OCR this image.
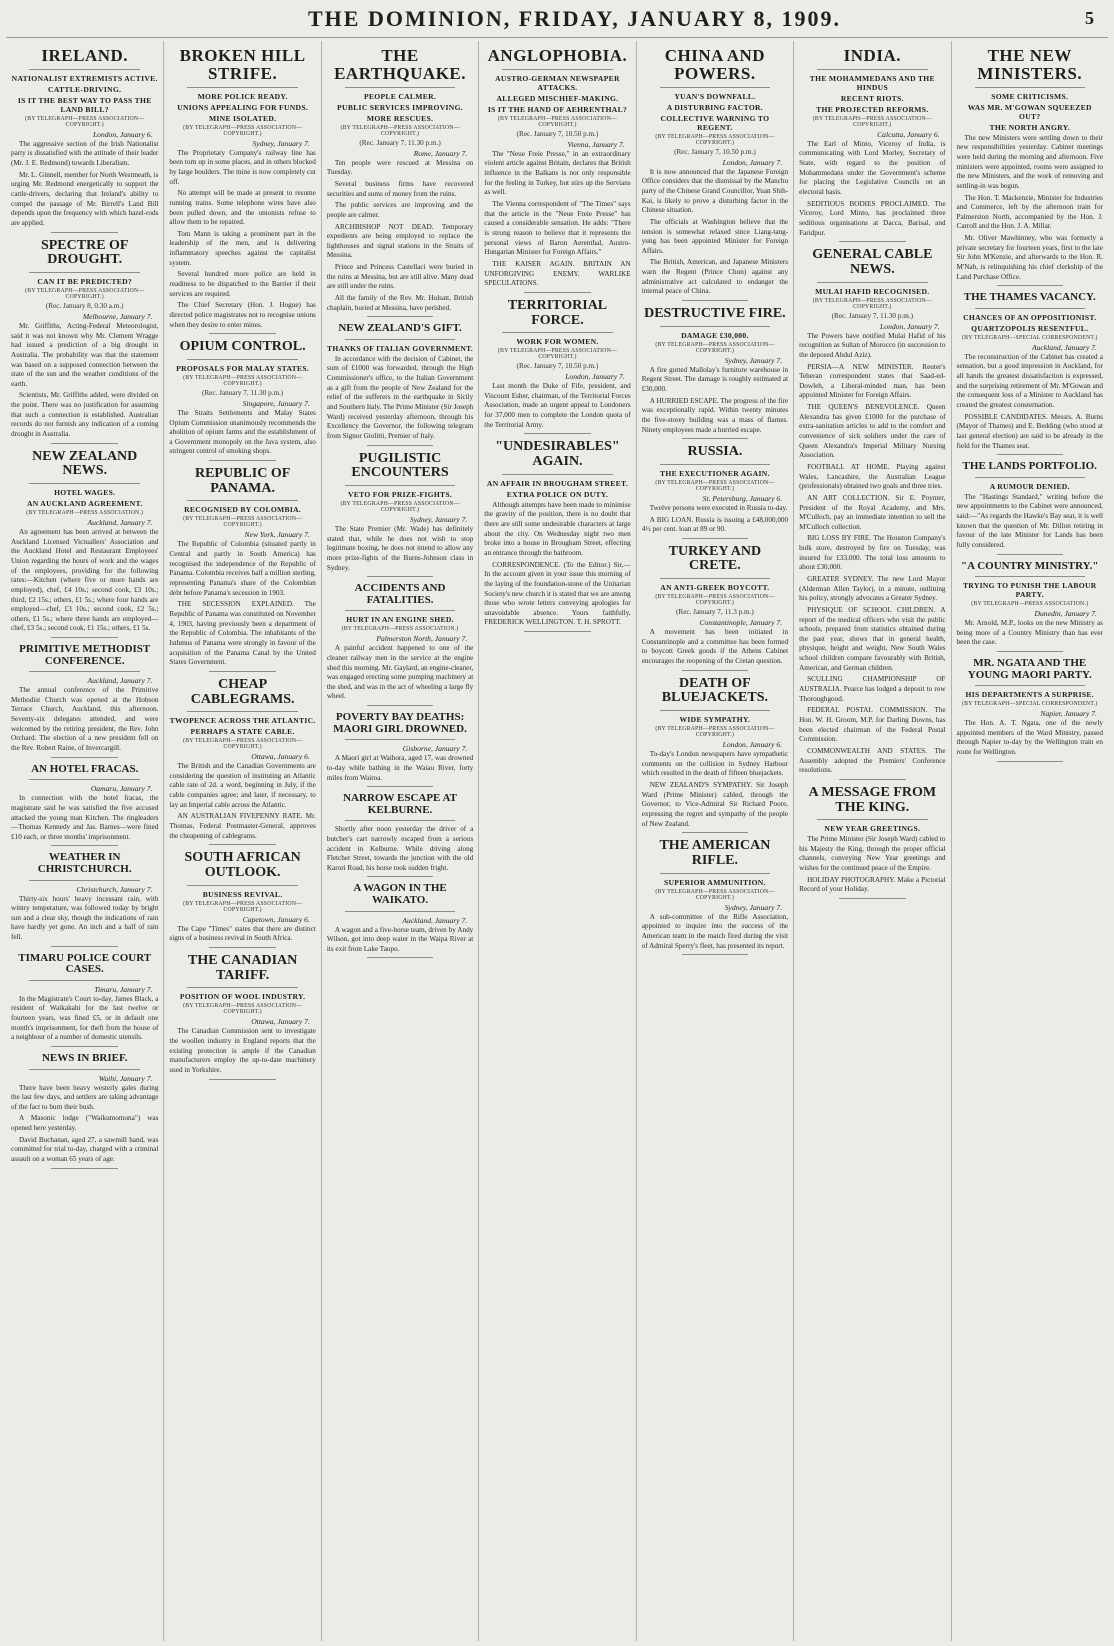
THE DOMINION, FRIDAY, JANUARY 8, 1909.	5
IRELAND.
NATIONALIST EXTREMISTS ACTIVE.
CATTLE-DRIVING.
IS IT THE BEST WAY TO PASS THE LAND BILL?
(BY TELEGRAPH—PRESS ASSOCIATION—COPYRIGHT.)
London, January 6.

The aggressive section of the Irish Nationalist party is dissatisfied with the attitude of their leader (Mr. J. E. Redmond) towards Liberalism.

Mr. L. Ginnell, member for North Westmeath, is urging Mr. Redmond energetically to support the cattle-drivers, declaring that Ireland's ability to compel the passage of Mr. Birrell's Land Bill depends upon the frequency with which hazel-rods are applied.

SPECTRE OF DROUGHT.
CAN IT BE PREDICTED?
(BY TELEGRAPH—PRESS ASSOCIATION—COPYRIGHT.)
(Rec. January 8, 0.30 a.m.)
Melbourne, January 7.

Mr. Griffiths, Acting-Federal Meteorologist, said it was not known why Mr. Clement Wragge had issued a prediction of a big drought in Australia. The probability was that the statement was based on a supposed connection between the state of the sun and the weather conditions of the earth.

Scientists, Mr. Griffiths added, were divided on the point. There was no justification for assuming that such a connection is established. Australian records do not furnish any indication of a coming drought in Australia.

NEW ZEALAND NEWS.
HOTEL WAGES.
AN AUCKLAND AGREEMENT.
(BY TELEGRAPH—PRESS ASSOCIATION.)
Auckland, January 7.

An agreement has been arrived at between the Auckland Licensed Victuallers' Association and the Auckland Hotel and Restaurant Employees' Union regarding the hours of work and the wages of the employees, providing for the following rates:—Kitchen (where five or more hands are employed), chef, £4 10s.; second cook, £3 10s.; third, £2 15s.; others, £1 5s.; where four hands are employed—chef, £3 10s.; second cook, £2 5s.; others, £1 5s.; where three hands are employed—chef, £3 5s.; second cook, £1 15s.; others, £1 5s.

PRIMITIVE METHODIST CONFERENCE.
Auckland, January 7.

The annual conference of the Primitive Methodist Church was opened at the Hobson Terrace Church, Auckland, this afternoon. Seventy-six delegates attended, and were welcomed by the retiring president, the Rev. John Orchard. The election of a new president fell on the Rev. Robert Raine, of Invercargill.

AN HOTEL FRACAS.
Oamaru, January 7.

In connection with the hotel fracas, the magistrate said he was satisfied the five accused attacked the young man Kitchen. The ringleaders—Thomas Kennedy and Jas. Barnes—were fined £10 each, or three months' imprisonment.

WEATHER IN CHRISTCHURCH.
Christchurch, January 7.

Thirty-six hours' heavy incessant rain, with wintry temperature, was followed today by bright sun and a clear sky, though the indications of rain have hardly yet gone. An inch and a half of rain fell.

TIMARU POLICE COURT CASES.
Timaru, January 7.

In the Magistrate's Court to-day, James Black, a resident of Waikakahi for the last twelve or fourteen years, was fined £5, or in default one month's imprisonment, for theft from the house of a neighbour of a number of domestic utensils.

NEWS IN BRIEF.
Waihi, January 7.

There have been heavy westerly gales during the last few days, and settlers are taking advantage of the fact to burn their bush.

A Masonic lodge ("Waikumomona") was opened here yesterday.

David Buchanan, aged 27, a sawmill hand, was committed for trial to-day, charged with a criminal assault on a woman 65 years of age.

BROKEN HILL STRIFE.
MORE POLICE READY.
UNIONS APPEALING FOR FUNDS.
MINE ISOLATED.
(BY TELEGRAPH—PRESS ASSOCIATION—COPYRIGHT.)
Sydney, January 7.

The Proprietary Company's railway line has been torn up in some places, and in others blocked by large boulders. The mine is now completely cut off.

No attempt will be made at present to resume running trains. Some telephone wires have also been pulled down, and the unionists refuse to allow them to be repaired.

Tom Mann is taking a prominent part in the leadership of the men, and is delivering inflammatory speeches against the capitalist system.

Several hundred more police are held in readiness to be dispatched to the Barrier if their services are required.

The Chief Secretary (Hon. J. Hogue) has directed police magistrates not to recognise unions when they desire to enter mines.

OPIUM CONTROL.
PROPOSALS FOR MALAY STATES.
(BY TELEGRAPH—PRESS ASSOCIATION—COPYRIGHT.)
(Rec. January 7, 11.30 p.m.)
Singapore, January 7.

The Straits Settlements and Malay States Opium Commission unanimously recommends the abolition of opium farms and the establishment of a Government monopoly on the Java system, also stringent control of smoking shops.

REPUBLIC OF PANAMA.
RECOGNISED BY COLOMBIA.
(BY TELEGRAPH—PRESS ASSOCIATION—COPYRIGHT.)
New York, January 7.

The Republic of Colombia (situated partly in Central and partly in South America) has recognised the independence of the Republic of Panama. Colombia receives half a million sterling, representing Panama's share of the Colombian debt before Panama's secession in 1903.

THE SECESSION EXPLAINED. The Republic of Panama was constituted on November 4, 1903, having previously been a department of the Republic of Colombia. The inhabitants of the Isthmus of Panama were strongly in favour of the acquisition of the Panama Canal by the United States Government.

CHEAP CABLEGRAMS.
TWOPENCE ACROSS THE ATLANTIC.
PERHAPS A STATE CABLE.
(BY TELEGRAPH—PRESS ASSOCIATION—COPYRIGHT.)
Ottawa, January 6.

The British and the Canadian Governments are considering the question of instituting an Atlantic cable rate of 2d. a word, beginning in July, if the cable companies agree; and later, if necessary, to lay an Imperial cable across the Atlantic.

AN AUSTRALIAN FIVEPENNY RATE. Mr. Thomas, Federal Postmaster-General, approves the cheapening of cablegrams.

SOUTH AFRICAN OUTLOOK.
BUSINESS REVIVAL.
(BY TELEGRAPH—PRESS ASSOCIATION—COPYRIGHT.)
Capetown, January 6.

The Cape "Times" states that there are distinct signs of a business revival in South Africa.

THE CANADIAN TARIFF.
POSITION OF WOOL INDUSTRY.
(BY TELEGRAPH—PRESS ASSOCIATION—COPYRIGHT.)
Ottawa, January 7.

The Canadian Commission sent to investigate the woollen industry in England reports that the existing protection is ample if the Canadian manufacturers employ the up-to-date machinery used in Yorkshire.

THE EARTHQUAKE.
PEOPLE CALMER.
PUBLIC SERVICES IMPROVING.
MORE RESCUES.
(BY TELEGRAPH—PRESS ASSOCIATION—COPYRIGHT.)
(Rec. January 7, 11.30 p.m.)
Rome, January 7.

Ten people were rescued at Messina on Tuesday.

Several business firms have recovered securities and sums of money from the ruins.

The public services are improving and the people are calmer.

ARCHBISHOP NOT DEAD. Temporary expedients are being employed to replace the lighthouses and signal stations in the Straits of Messina.

Prince and Princess Castellaci were buried in the ruins at Messina, but are still alive. Many dead are still under the ruins.

All the family of the Rev. Mr. Hulsatt, British chaplain, buried at Messina, have perished.

NEW ZEALAND'S GIFT.
THANKS OF ITALIAN GOVERNMENT.

In accordance with the decision of Cabinet, the sum of £1000 was forwarded, through the High Commissioner's office, to the Italian Government as a gift from the people of New Zealand for the relief of the sufferers in the earthquake in Sicily and Southern Italy. The Prime Minister (Sir Joseph Ward) received yesterday afternoon, through his Excellency the Governor, the following telegram from Signor Giolitti, Premier of Italy.

PUGILISTIC ENCOUNTERS
VETO FOR PRIZE-FIGHTS.
(BY TELEGRAPH—PRESS ASSOCIATION—COPYRIGHT.)
Sydney, January 7.

The State Premier (Mr. Wade) has definitely stated that, while he does not wish to stop legitimate boxing, he does not intend to allow any more prize-fights of the Burns-Johnson class in Sydney.

ACCIDENTS AND FATALITIES.
HURT IN AN ENGINE SHED.
(BY TELEGRAPH—PRESS ASSOCIATION.)
Palmerston North, January 7.

A painful accident happened to one of the cleaner railway men in the service at the engine shed this morning. Mr. Gaylard, an engine-cleaner, was engaged erecting some pumping machinery at the shed, and was in the act of wheeling a large fly wheel.

POVERTY BAY DEATHS: MAORI GIRL DROWNED.
Gisborne, January 7.

A Maori girl at Waihora, aged 17, was drowned to-day while bathing in the Waiau River, forty miles from Wairoa.

NARROW ESCAPE AT KELBURNE.

Shortly after noon yesterday the driver of a butcher's cart narrowly escaped from a serious accident in Kelburne. While driving along Fletcher Street, towards the junction with the old Karori Road, his horse took sudden fright.

A WAGON IN THE WAIKATO.
Auckland, January 7.

A wagon and a five-horse team, driven by Andy Wilson, got into deep water in the Waipa River at its exit from Lake Taupo.

ANGLOPHOBIA.
AUSTRO-GERMAN NEWSPAPER ATTACKS.
ALLEGED MISCHIEF-MAKING.
IS IT THE HAND OF AEHRENTHAL?
(BY TELEGRAPH—PRESS ASSOCIATION—COPYRIGHT.)
(Rec. January 7, 10.50 p.m.)
Vienna, January 7.

The "Neue Freie Presse," in an extraordinary violent article against Britain, declares that British influence in the Balkans is not only responsible for the feeling in Turkey, but stirs up the Servians as well.

The Vienna correspondent of "The Times" says that the article in the "Neue Freie Presse" has caused a considerable sensation. He adds: "There is strong reason to believe that it represents the personal views of Baron Aerenthal, Austro-Hungarian Minister for Foreign Affairs."

THE KAISER AGAIN. BRITAIN AN UNFORGIVING ENEMY. WARLIKE SPECULATIONS.

TERRITORIAL FORCE.
WORK FOR WOMEN.
(BY TELEGRAPH—PRESS ASSOCIATION—COPYRIGHT.)
(Rec. January 7, 10.50 p.m.)
London, January 7.

Last month the Duke of Fife, president, and Viscount Esher, chairman, of the Territorial Forces Association, made an urgent appeal to Londoners for 37,000 men to complete the London quota of the Territorial Army.

"UNDESIRABLES" AGAIN.
AN AFFAIR IN BROUGHAM STREET.
EXTRA POLICE ON DUTY.

Although attempts have been made to minimise the gravity of the position, there is no doubt that there are still some undesirable characters at large about the city. On Wednesday night two men broke into a house in Brougham Street, effecting an entrance through the bathroom.

CORRESPONDENCE. (To the Editor.) Sir,—In the account given in your issue this morning of the laying of the foundation-stone of the Unitarian Society's new church it is stated that we are among those who wrote letters conveying apologies for unavoidable absence. Yours faithfully, FREDERICK WELLINGTON. T. H. SPROTT.

CHINA AND POWERS.
YUAN'S DOWNFALL.
A DISTURBING FACTOR.
COLLECTIVE WARNING TO REGENT.
(BY TELEGRAPH—PRESS ASSOCIATION—COPYRIGHT.)
(Rec. January 7, 10.50 p.m.)
London, January 7.

It is now announced that the Japanese Foreign Office considers that the dismissal by the Manchu party of the Chinese Grand Councillor, Yuan Shih-Kai, is likely to prove a disturbing factor in the Chinese situation.

The officials at Washington believe that the tension is somewhat relaxed since Liang-tang-yung has been appointed Minister for Foreign Affairs.

The British, American, and Japanese Ministers warn the Regent (Prince Chun) against any administrative act calculated to endanger the internal peace of China.

DESTRUCTIVE FIRE.
DAMAGE £30,000.
(BY TELEGRAPH—PRESS ASSOCIATION—COPYRIGHT.)
Sydney, January 7.

A fire gutted Mallolay's furniture warehouse in Regent Street. The damage is roughly estimated at £30,000.

A HURRIED ESCAPE. The progress of the fire was exceptionally rapid. Within twenty minutes the five-storey building was a mass of flames. Ninety employees made a hurried escape.

RUSSIA.
THE EXECUTIONER AGAIN.
(BY TELEGRAPH—PRESS ASSOCIATION—COPYRIGHT.)
St. Petersburg, January 6.

Twelve persons were executed in Russia to-day.

A BIG LOAN. Russia is issuing a £48,000,000 4½ per cent. loan at 89 or 90.

TURKEY AND CRETE.
AN ANTI-GREEK BOYCOTT.
(BY TELEGRAPH—PRESS ASSOCIATION—COPYRIGHT.)
(Rec. January 7, 11.3 p.m.)
Constantinople, January 7.

A movement has been initiated in Constantinople and a committee has been formed to boycott Greek goods if the Athens Cabinet encourages the reopening of the Cretan question.

DEATH OF BLUEJACKETS.
WIDE SYMPATHY.
(BY TELEGRAPH—PRESS ASSOCIATION—COPYRIGHT.)
London, January 6.

To-day's London newspapers have sympathetic comments on the collision in Sydney Harbour which resulted in the death of fifteen bluejackets.

NEW ZEALAND'S SYMPATHY. Sir Joseph Ward (Prime Minister) cabled, through the Governor, to Vice-Admiral Sir Richard Poore, expressing the regret and sympathy of the people of New Zealand.

THE AMERICAN RIFLE.
SUPERIOR AMMUNITION.
(BY TELEGRAPH—PRESS ASSOCIATION—COPYRIGHT.)
Sydney, January 7.

A sub-committee of the Rifle Association, appointed to inquire into the success of the American team in the match fired during the visit of Admiral Sperry's fleet, has presented its report.

INDIA.
THE MOHAMMEDANS AND THE HINDUS
RECENT RIOTS.
THE PROJECTED REFORMS.
(BY TELEGRAPH—PRESS ASSOCIATION—COPYRIGHT.)
Calcutta, January 6.

The Earl of Minto, Viceroy of India, is communicating with Lord Morley, Secretary of State, with regard to the position of Mohammedans under the Government's scheme for placing the Legislative Councils on an electoral basis.

SEDITIOUS BODIES PROCLAIMED. The Viceroy, Lord Minto, has proclaimed three seditious organisations at Dacca, Barisal, and Faridpur.

GENERAL CABLE NEWS.
MULAI HAFID RECOGNISED.
(BY TELEGRAPH—PRESS ASSOCIATION—COPYRIGHT.)
(Rec. January 7, 11.30 p.m.)
London, January 7.

The Powers have notified Mulai Hafid of his recognition as Sultan of Morocco (in succession to the deposed Abdul Aziz).

PERSIA—A NEW MINISTER. Reuter's Teheran correspondent states that Saad-ed-Dowleh, a Liberal-minded man, has been appointed Minister for Foreign Affairs.

THE QUEEN'S BENEVOLENCE. Queen Alexandra has given £1000 for the purchase of extra-sanitation articles to add to the comfort and convenience of sick soldiers under the care of Queen Alexandra's Imperial Military Nursing Association.

FOOTBALL AT HOME. Playing against Wales, Lancashire, the Australian League (professionals) obtained two goals and three tries.

AN ART COLLECTION. Sir E. Poynter, President of the Royal Academy, and Mrs. M'Culloch, pay an immediate intention to sell the M'Culloch collection.

BIG LOSS BY FIRE. The Houston Company's bulk store, destroyed by fire on Tuesday, was insured for £33,000. The total loss amounts to about £30,000.

GREATER SYDNEY. The new Lord Mayor (Alderman Allen Taylor), in a minute, outlining his policy, strongly advocates a Greater Sydney.

PHYSIQUE OF SCHOOL CHILDREN. A report of the medical officers who visit the public schools, prepared from statistics obtained during the past year, shows that in general health, physique, height and weight, New South Wales school children compare favourably with British, American, and German children.

SCULLING CHAMPIONSHIP OF AUSTRALIA. Pearce has lodged a deposit to row Thoroughgood.

FEDERAL POSTAL COMMISSION. The Hon. W. H. Groom, M.P. for Darling Downs, has been elected chairman of the Federal Postal Commission.

COMMONWEALTH AND STATES. The Assembly adopted the Premiers' Conference resolutions.

A MESSAGE FROM THE KING.
NEW YEAR GREETINGS.

The Prime Minister (Sir Joseph Ward) cabled to his Majesty the King, through the proper official channels, conveying New Year greetings and wishes for the continued peace of the Empire.

HOLIDAY PHOTOGRAPHY. Make a Pictorial Record of your Holiday.

THE NEW MINISTERS.
SOME CRITICISMS.
WAS MR. M'GOWAN SQUEEZED OUT?
THE NORTH ANGRY.

The new Ministers were settling down to their new responsibilities yesterday. Cabinet meetings were held during the morning and afternoon. Five ministers were appointed, rooms were assigned to the new Ministers, and the work of removing and settling-in was begun.

The Hon. T. Mackenzie, Minister for Industries and Commerce, left by the afternoon train for Palmerston North, accompanied by the Hon. J. Carroll and the Hon. J. A. Millar.

Mr. Oliver Mawhinney, who was formerly a private secretary for fourteen years, first to the late Sir John M'Kenzie, and afterwards to the Hon. R. M'Nab, is relinquishing his chief clerkship of the Land Purchase Office.

THE THAMES VACANCY.
CHANCES OF AN OPPOSITIONIST.
QUARTZOPOLIS RESENTFUL.
(BY TELEGRAPH—SPECIAL CORRESPONDENT.)
Auckland, January 7.

The reconstruction of the Cabinet has created a sensation, but a good impression in Auckland, for all hands the greatest dissatisfaction is expressed, and the surprising retirement of Mr. M'Gowan and the consequent loss of a Minister to Auckland has created the greatest consternation.

POSSIBLE CANDIDATES. Messrs. A. Burns (Mayor of Thames) and E. Bedding (who stood at last general election) are said to be already in the field for the Thames seat.

THE LANDS PORTFOLIO.
A RUMOUR DENIED.

The "Hastings Standard," writing before the new appointments to the Cabinet were announced, said:—"As regards the Hawke's Bay seat, it is well known that the question of Mr. Dillon retiring in favour of the late Minister for Lands has been fully considered.

"A COUNTRY MINISTRY."
TRYING TO PUNISH THE LABOUR PARTY.
(BY TELEGRAPH—PRESS ASSOCIATION.)
Dunedin, January 7.

Mr. Arnold, M.P., looks on the new Ministry as being more of a Country Ministry than has ever been the case.

MR. NGATA AND THE YOUNG MAORI PARTY.
HIS DEPARTMENTS A SURPRISE.
(BY TELEGRAPH—SPECIAL CORRESPONDENT.)
Napier, January 7.

The Hon. A. T. Ngata, one of the newly appointed members of the Ward Ministry, passed through Napier to-day by the Wellington train en route for Wellington.
